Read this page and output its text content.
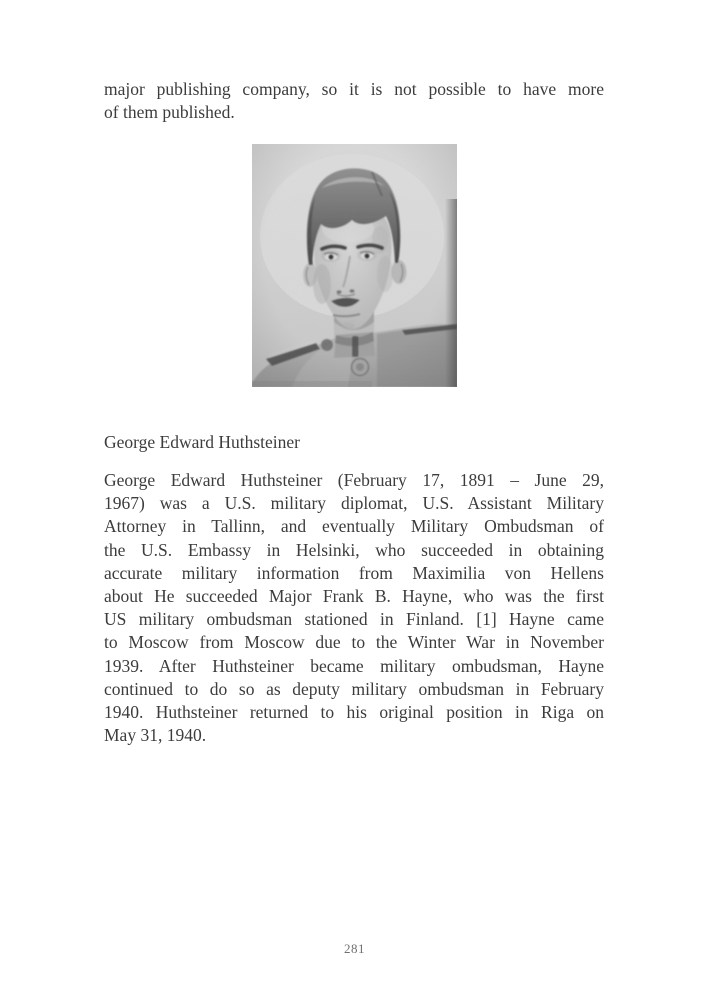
major publishing company, so it is not possible to have more
of them published.
George Edward Huthsteiner
George Edward Huthsteiner (February 17, 1891 – June 29,
1967) was a U.S. military diplomat, U.S. Assistant Military
Attorney in Tallinn, and eventually Military Ombudsman of
the U.S. Embassy in Helsinki, who succeeded in obtaining
accurate military information from Maximilia von Hellens
about He succeeded Major Frank B. Hayne, who was the first
US military ombudsman stationed in Finland. [1] Hayne came
to Moscow from Moscow due to the Winter War in November
1939. After Huthsteiner became military ombudsman, Hayne
continued to do so as deputy military ombudsman in February
1940. Huthsteiner returned to his original position in Riga on
May 31, 1940.
281
